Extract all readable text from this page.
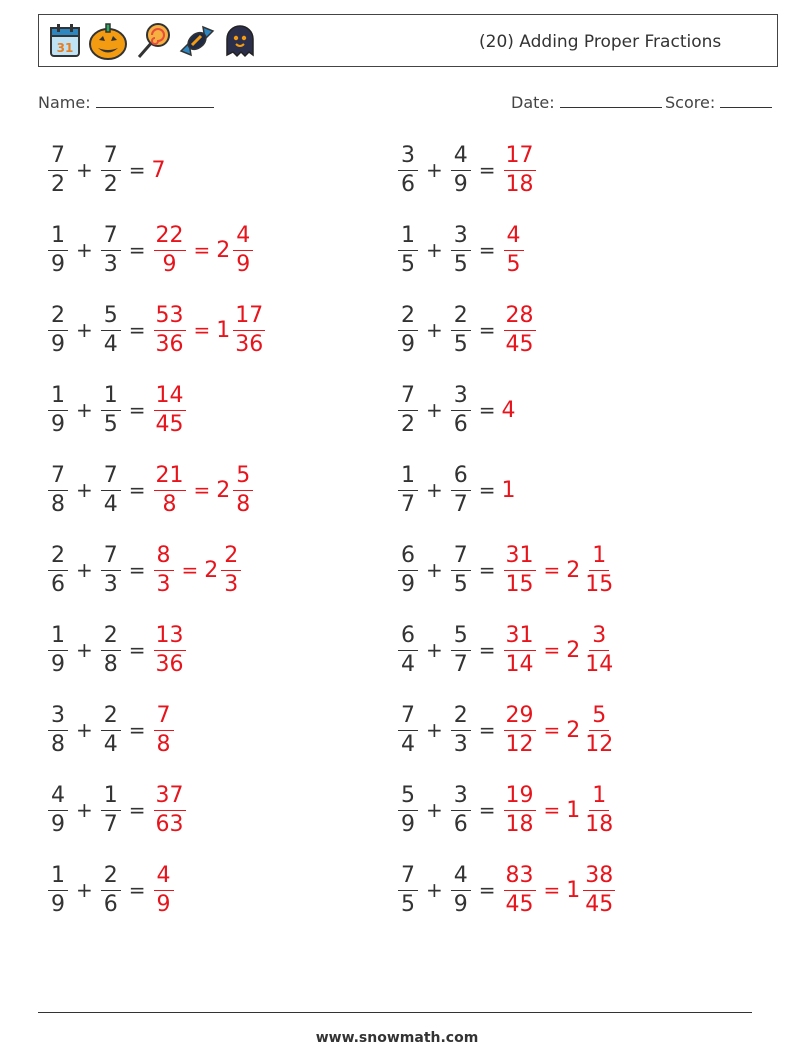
31	(20) Adding Proper Fractions
Name:	Date:	Score:
$\frac{7}{2} + \frac{7}{2} = 7$	$\frac{3}{6} + \frac{4}{9} = \frac{17}{18}$
$\frac{1}{9} + \frac{7}{3} = \frac{22}{9} = 2 \frac{4}{9}$	$\frac{1}{5} + \frac{3}{5} = \frac{4}{5}$
$\frac{2}{9} + \frac{5}{4} = \frac{53}{36} = 1 \frac{17}{36}$	$\frac{2}{9} + \frac{2}{5} = \frac{28}{45}$
$\frac{1}{9} + \frac{1}{5} = \frac{14}{45}$	$\frac{7}{2} + \frac{3}{6} = 4$
$\frac{7}{8} + \frac{7}{4} = \frac{21}{8} = 2 \frac{5}{8}$	$\frac{1}{7} + \frac{6}{7} = 1$
$\frac{2}{6} + \frac{7}{3} = \frac{8}{3} = 2 \frac{2}{3}$	$\frac{6}{9} + \frac{7}{5} = \frac{31}{15} = 2 \frac{1}{15}$
$\frac{1}{9} + \frac{2}{8} = \frac{13}{36}$	$\frac{6}{4} + \frac{5}{7} = \frac{31}{14} = 2 \frac{3}{14}$
$\frac{3}{8} + \frac{2}{4} = \frac{7}{8}$	$\frac{7}{4} + \frac{2}{3} = \frac{29}{12} = 2 \frac{5}{12}$
$\frac{4}{9} + \frac{1}{7} = \frac{37}{63}$	$\frac{5}{9} + \frac{3}{6} = \frac{19}{18} = 1 \frac{1}{18}$
$\frac{1}{9} + \frac{2}{6} = \frac{4}{9}$	$\frac{7}{5} + \frac{4}{9} = \frac{83}{45} = 1 \frac{38}{45}$
www.snowmath.com
